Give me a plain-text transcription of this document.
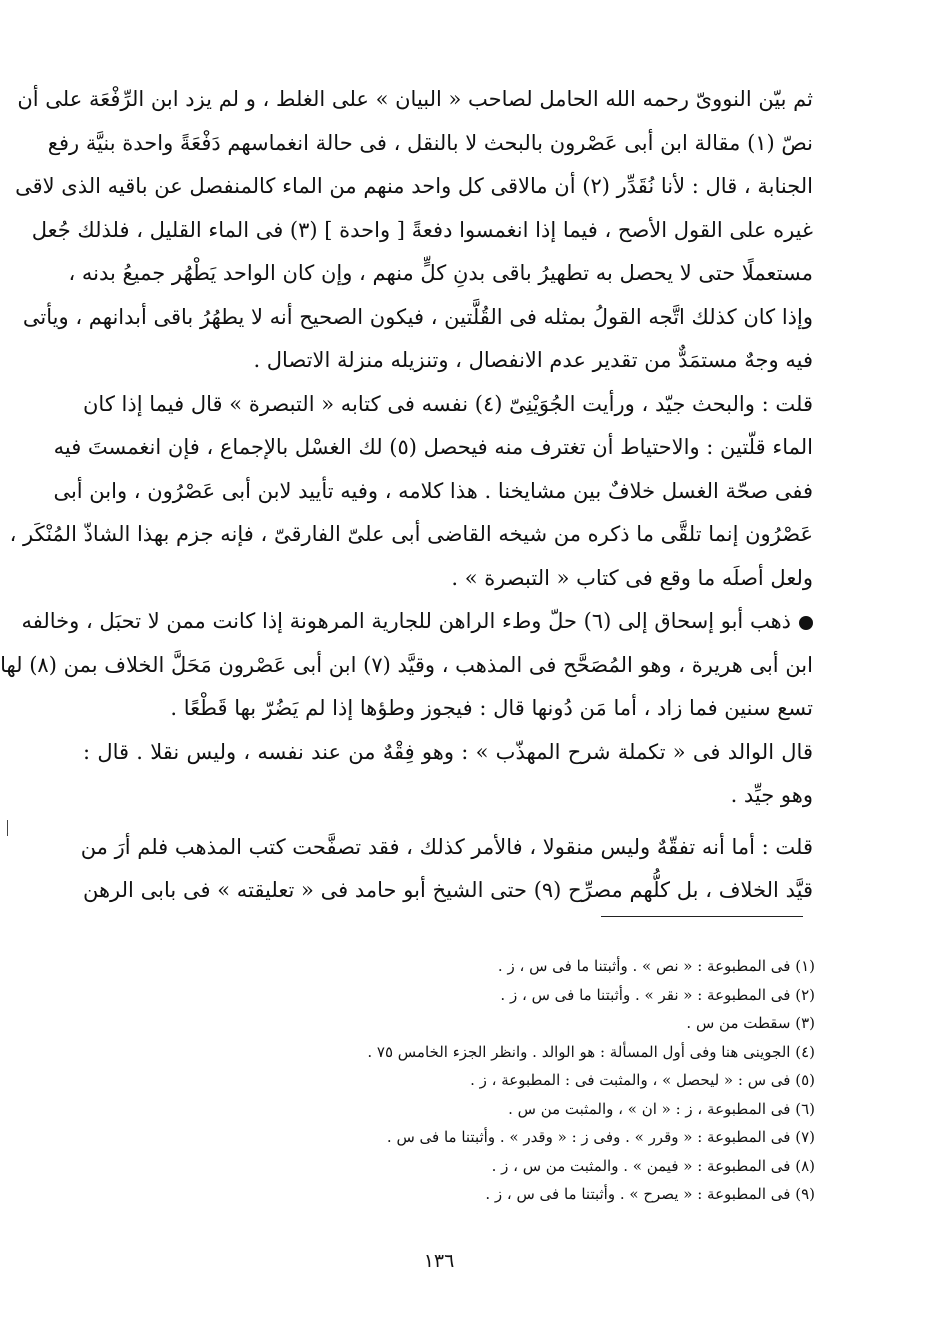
ثم بيّن النووىّ رحمه الله الحامل لصاحب « البيان » على الغلط ، و لم يزد ابن الرِّفْعَة على أن
نصّ (١) مقالة ابن أبى عَصْرون بالبحث لا بالنقل ، فى حالة انغماسهم دَفْعَةً واحدة بنيَّة رفع
الجنابة ، قال : لأنا نُقَدِّر (٢) أن مالاقى كل واحد منهم من الماء كالمنفصل عن باقيه الذى لاقى
غيره على القول الأصح ، فيما إذا انغمسوا دفعةً [ واحدة ] (٣) فى الماء القليل ، فلذلك جُعل
مستعملًا حتى لا يحصل به تطهيرُ باقى بدنِ كلٍّ منهم ، وإن كان الواحد يَطْهُر جميعُ بدنه ،
وإذا كان كذلك اتَّجه القولُ بمثله فى القُلَّتين ، فيكون الصحيح أنه لا يطهُرُ باقى أبدانهم ، ويأتى
فيه وجهٌ مستمَدٌّ من تقدير عدم الانفصال ، وتنزيله منزلة الاتصال .
قلت : والبحث جيّد ، ورأيت الجُوَيْنِىّ (٤) نفسه فى كتابه « التبصرة » قال فيما إذا كان
الماء قلّتين : والاحتياط أن تغترف منه فيحصل (٥) لك الغسْل بالإجماع ، فإن انغمستَ فيه
ففى صحّة الغسل خلافٌ بين مشايخنا . هذا كلامه ، وفيه تأييد لابن أبى عَصْرُون ، وابن أبى
عَصْرُون إنما تلقَّى ما ذكره من شيخه القاضى أبى علىّ الفارقىّ ، فإنه جزم بهذا الشاذّ المُنْكَر ،
ولعل أصلَه ما وقع فى كتاب « التبصرة » .
ذهب أبو إسحاق إلى (٦) حلّ وطء الراهن للجارية المرهونة إذا كانت ممن لا تحبَل ، وخالفه
ابن أبى هريرة ، وهو المُصَحَّح فى المذهب ، وقيَّد (٧) ابن أبى عَصْرون مَحَلَّ الخلاف بمن (٨) لها
تسع سنين فما زاد ، أما مَن دُونها قال : فيجوز وطؤها إذا لم يَضُرّ بها قَطْعًا .
قال الوالد فى « تكملة شرح المهذّب » : وهو فِقْهٌ من عند نفسه ، وليس نقلا . قال :
وهو جيِّد .
قلت : أما أنه تفقّهٌ وليس منقولا ، فالأمر كذلك ، فقد تصفَّحت كتب المذهب فلم أرَ من
قيَّد الخلاف ، بل كلُّهم مصرِّح (٩) حتى الشيخ أبو حامد فى « تعليقته » فى بابى الرهن
(١) فى المطبوعة : « نص » . وأثبتنا ما فى س ، ز .
(٢) فى المطبوعة : « نقر » . وأثبتنا ما فى س ، ز .
(٣) سقطت من س .
(٤) الجوينى هنا وفى أول المسألة : هو الوالد . وانظر الجزء الخامس ٧٥ .
(٥) فى س : « ليحصل » ، والمثبت فى : المطبوعة ، ز .
(٦) فى المطبوعة ، ز : « ان » ، والمثبت من س .
(٧) فى المطبوعة : « وقرر » . وفى ز : « وقدر » . وأثبتنا ما فى س .
(٨) فى المطبوعة : « فيمن » . والمثبت من س ، ز .
(٩) فى المطبوعة : « يصرح » . وأثبتنا ما فى س ، ز .
١٣٦
